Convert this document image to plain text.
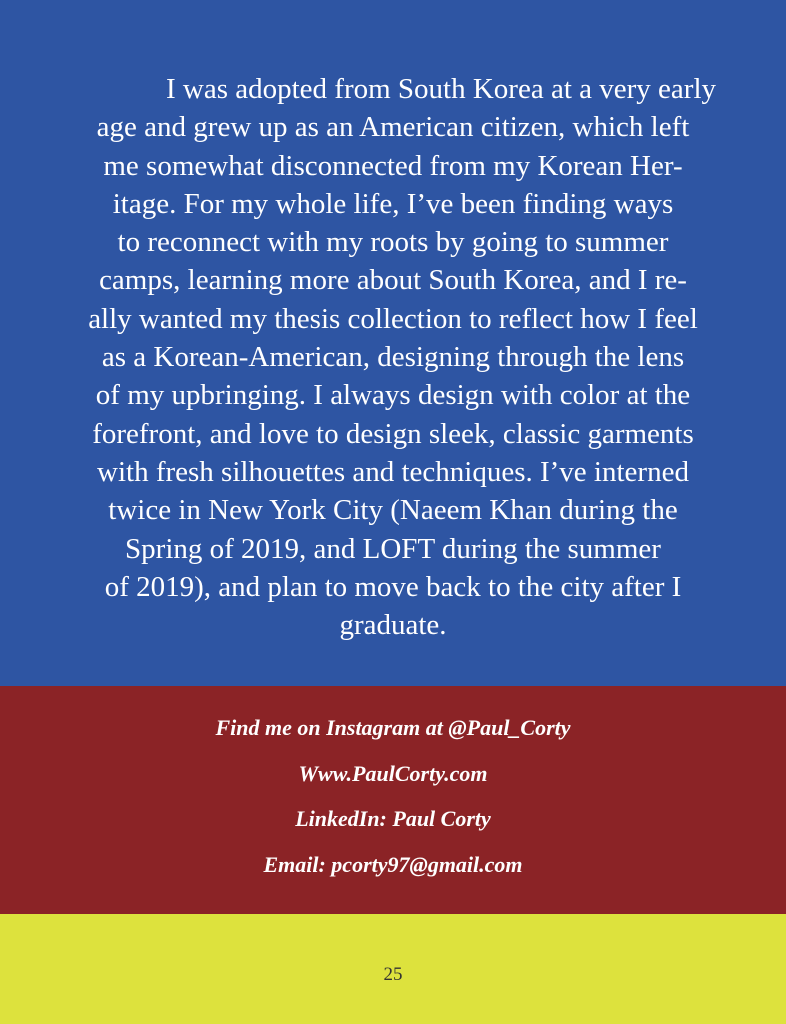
I was adopted from South Korea at a very early
age and grew up as an American citizen, which left
me somewhat disconnected from my Korean Her-
itage. For my whole life, I’ve been finding ways
to reconnect with my roots by going to summer
camps, learning more about South Korea, and I re-
ally wanted my thesis collection to reflect how I feel
as a Korean-American, designing through the lens
of my upbringing. I always design with color at the
forefront, and love to design sleek, classic garments
with fresh silhouettes and techniques. I’ve interned
twice in New York City (Naeem Khan during the
Spring of 2019, and LOFT during the summer
of 2019), and plan to move back to the city after I
graduate.

Find me on Instagram at @Paul_Corty
Www.PaulCorty.com
LinkedIn: Paul Corty
Email: pcorty97@gmail.com
25
